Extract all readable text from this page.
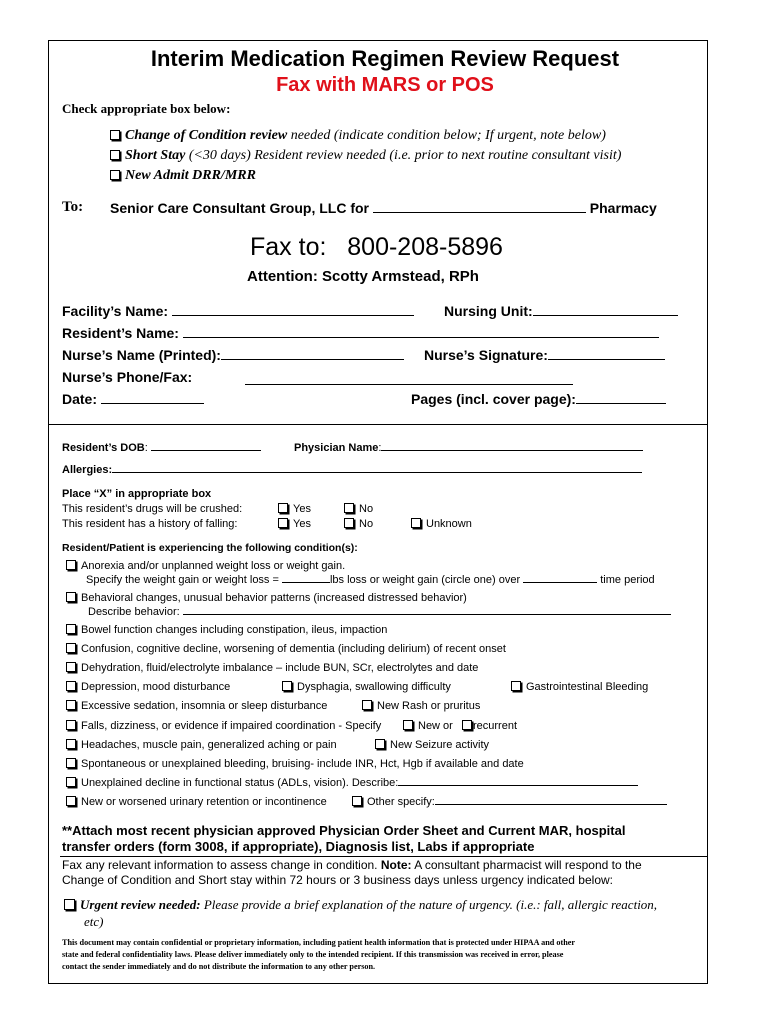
Interim Medication Regimen Review Request
Fax with MARS or POS
Check appropriate box below:
Change of Condition review needed (indicate condition below; If urgent, note below)
Short Stay (<30 days) Resident review needed (i.e. prior to next routine consultant visit)
New Admit DRR/MRR
To: Senior Care Consultant Group, LLC for	Pharmacy
Fax to: 800-208-5896
Attention: Scotty Armstead, RPh
Facility’s Name:	Nursing Unit:
Resident’s Name:
Nurse’s Name (Printed):	Nurse’s Signature:
Nurse’s Phone/Fax:
Date:	Pages (incl. cover page):
Resident’s DOB:	Physician Name:
Allergies:
Place “X” in appropriate box
This resident’s drugs will be crushed:	Yes	No
This resident has a history of falling:	Yes	No	Unknown
Resident/Patient is experiencing the following condition(s):
Anorexia and/or unplanned weight loss or weight gain.
Specify the weight gain or weight loss =	lbs loss or weight gain (circle one) over	time period
Behavioral changes, unusual behavior patterns (increased distressed behavior)
Describe behavior:
Bowel function changes including constipation, ileus, impaction
Confusion, cognitive decline, worsening of dementia (including delirium) of recent onset
Dehydration, fluid/electrolyte imbalance – include BUN, SCr, electrolytes and date
Depression, mood disturbance	Dysphagia, swallowing difficulty	Gastrointestinal Bleeding
Excessive sedation, insomnia or sleep disturbance	New Rash or pruritus
Falls, dizziness, or evidence if impaired coordination - Specify	New or	recurrent
Headaches, muscle pain, generalized aching or pain	New Seizure activity
Spontaneous or unexplained bleeding, bruising- include INR, Hct, Hgb if available and date
Unexplained decline in functional status (ADLs, vision). Describe:
New or worsened urinary retention or incontinence	Other specify:
**Attach most recent physician approved Physician Order Sheet and Current MAR, hospital
transfer orders (form 3008, if appropriate), Diagnosis list, Labs if appropriate
Fax any relevant information to assess change in condition. Note: A consultant pharmacist will respond to the
Change of Condition and Short stay within 72 hours or 3 business days unless urgency indicated below:
Urgent review needed: Please provide a brief explanation of the nature of urgency. (i.e.: fall, allergic reaction,
etc)
This document may contain confidential or proprietary information, including patient health information that is protected under HIPAA and other
state and federal confidentiality laws. Please deliver immediately only to the intended recipient. If this transmission was received in error, please
contact the sender immediately and do not distribute the information to any other person.
